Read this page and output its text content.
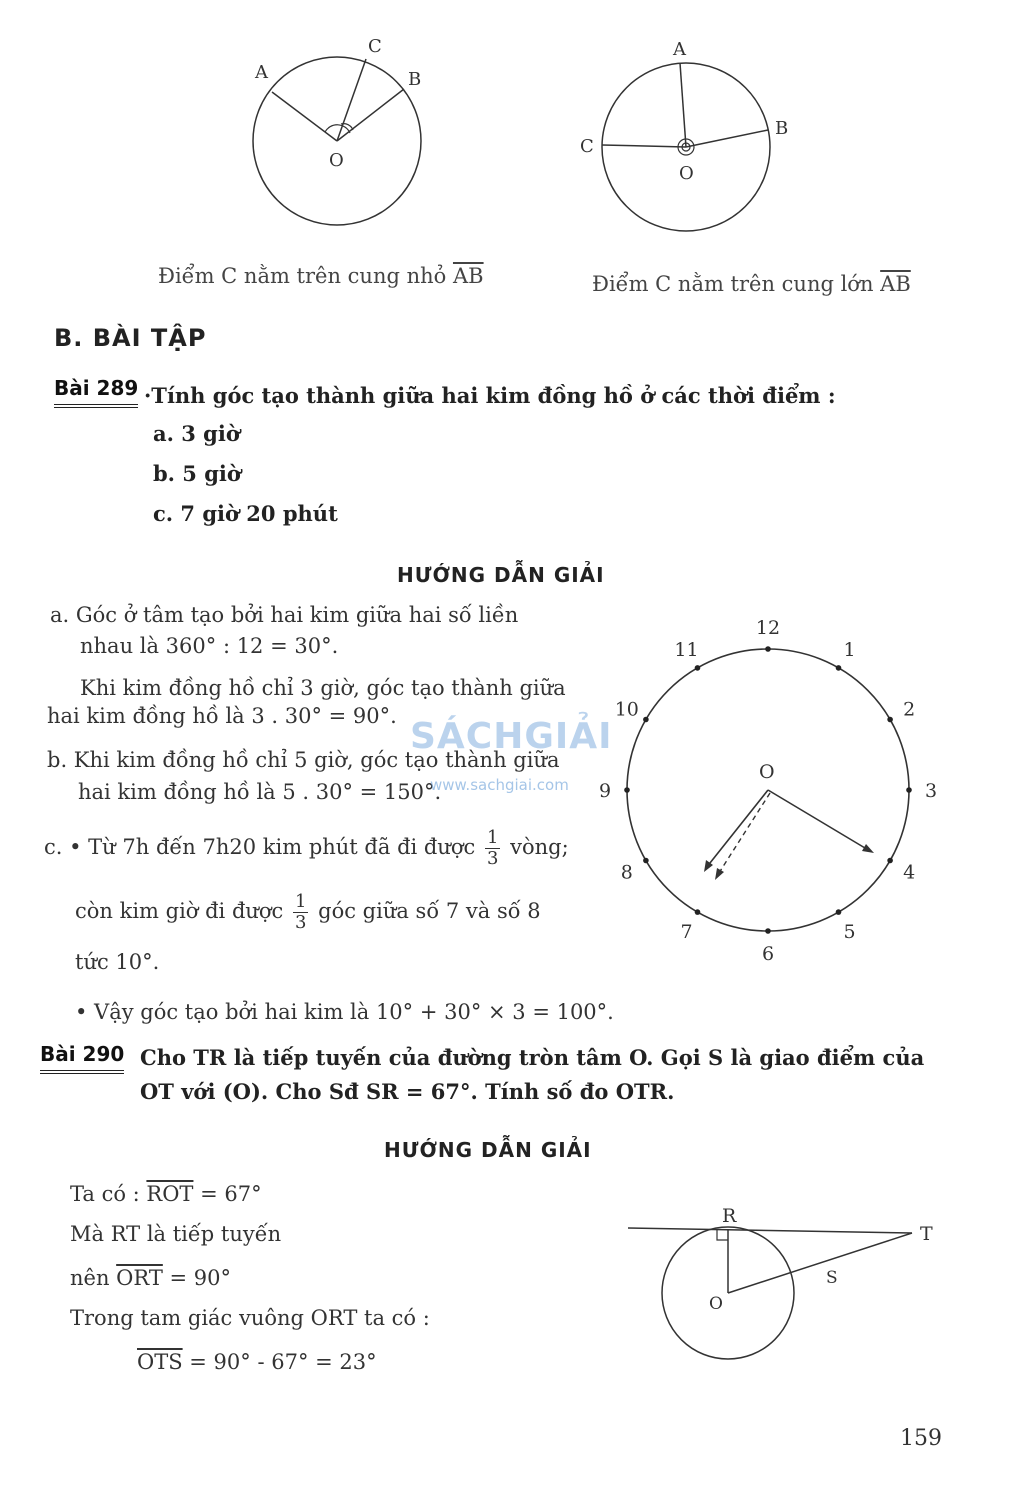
A
C
B
O
Điểm C nằm trên cung nhỏ $\overline{AB}$
A
C
B
O
Điểm C nằm trên cung lớn $\overline{AB}$
B. BÀI TẬP
Bài 289 ·Tính góc tạo thành giữa hai kim đồng hồ ở các thời điểm :
a. 3 giờ
b. 5 giờ
c. 7 giờ 20 phút
HƯỚNG DẪN GIẢI
a. Góc ở tâm tạo bởi hai kim giữa hai số liền
nhau là 360° : 12 = 30°.
Khi kim đồng hồ chỉ 3 giờ, góc tạo thành giữa
hai kim đồng hồ là 3 . 30° = 90°.
b. Khi kim đồng hồ chỉ 5 giờ, góc tạo thành giữa
hai kim đồng hồ là 5 . 30° = 150°.
c. • Từ 7h đến 7h20 kim phút đã đi được $\frac{1}{3}$ vòng;
còn kim giờ đi được $\frac{1}{3}$ góc giữa số 7 và số 8
tức 10°.
• Vậy góc tạo bởi hai kim là 10° + 30° × 3 = 100°.
12
1
2
3
4
5
6
7
8
9
10
11
O
SÁCHGIẢI
www.sachgiai.com
Bài 290 Cho TR là tiếp tuyến của đường tròn tâm O. Gọi S là giao điểm của
OT với (O). Cho Sđ SR = 67°. Tính số đo OTR.
HƯỚNG DẪN GIẢI
Ta có : $\overline{ROT} = 67^\circ$
Mà RT là tiếp tuyến
nên $\overline{ORT} = 90^\circ$
Trong tam giác vuông ORT ta có :
$\overline{OTS} = 90^\circ - 67^\circ = 23^\circ$
R
T
S
O
159
